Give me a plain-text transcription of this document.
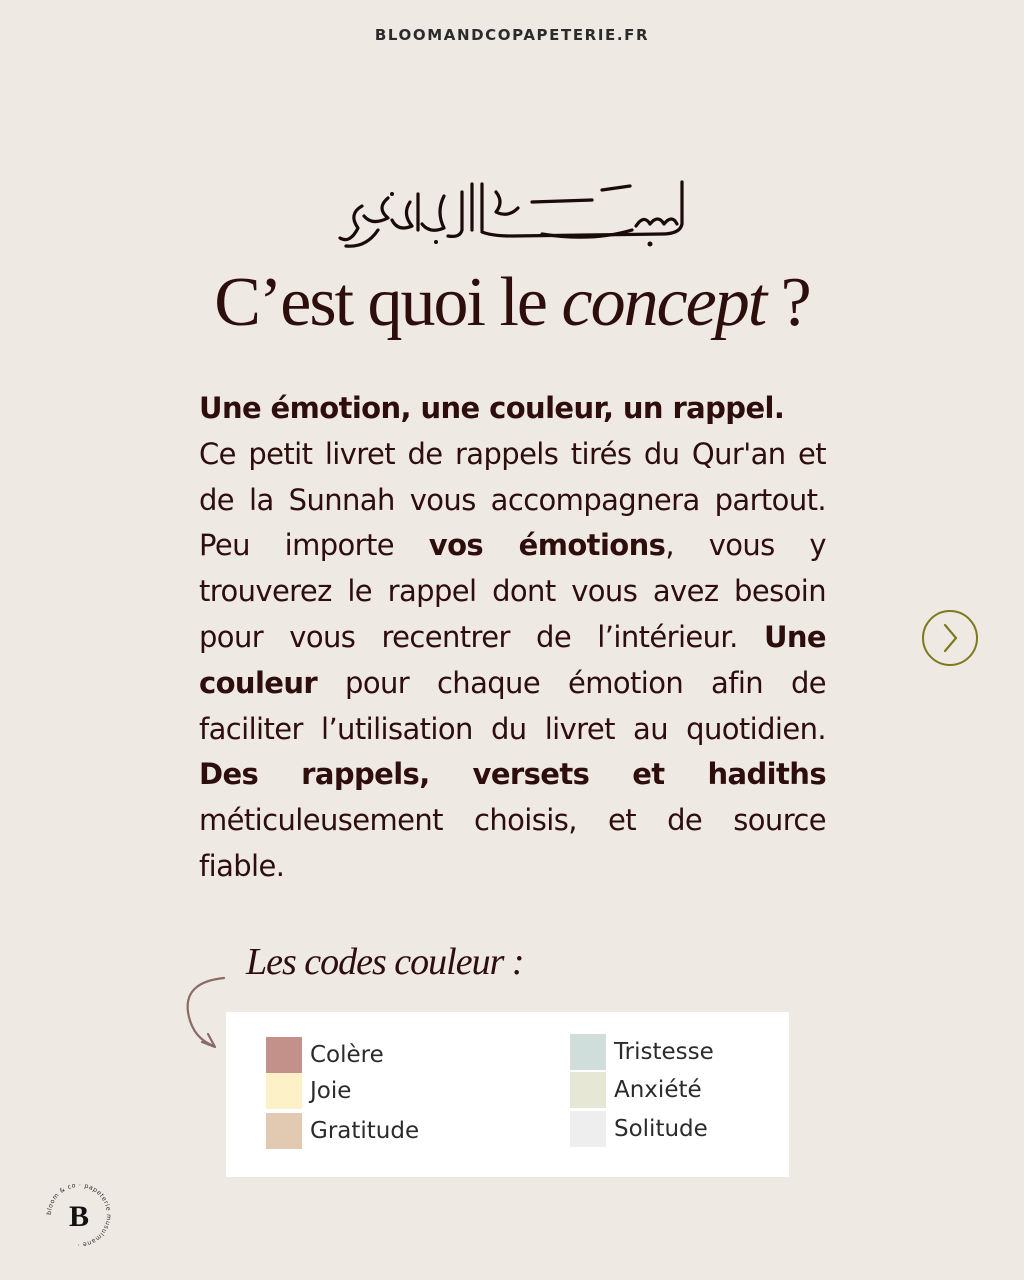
BLOOMANDCOPAPETERIE.FR
C’est quoi le concept ?
Une émotion, une couleur, un rappel.
Ce petit livret de rappels tirés du Qur'an et de la Sunnah vous accompagnera partout. Peu importe vos émotions, vous y trouverez le rappel dont vous avez besoin pour vous recentrer de l’intérieur. Une couleur pour chaque émotion afin de faciliter l’utilisation du livret au quotidien. Des rappels, versets et hadiths méticuleusement choisis, et de source fiable.
Les codes couleur :
Colère
Joie
Gratitude
Tristesse
Anxiété
Solitude
bloom & co · papeterie musulmane ·
B
